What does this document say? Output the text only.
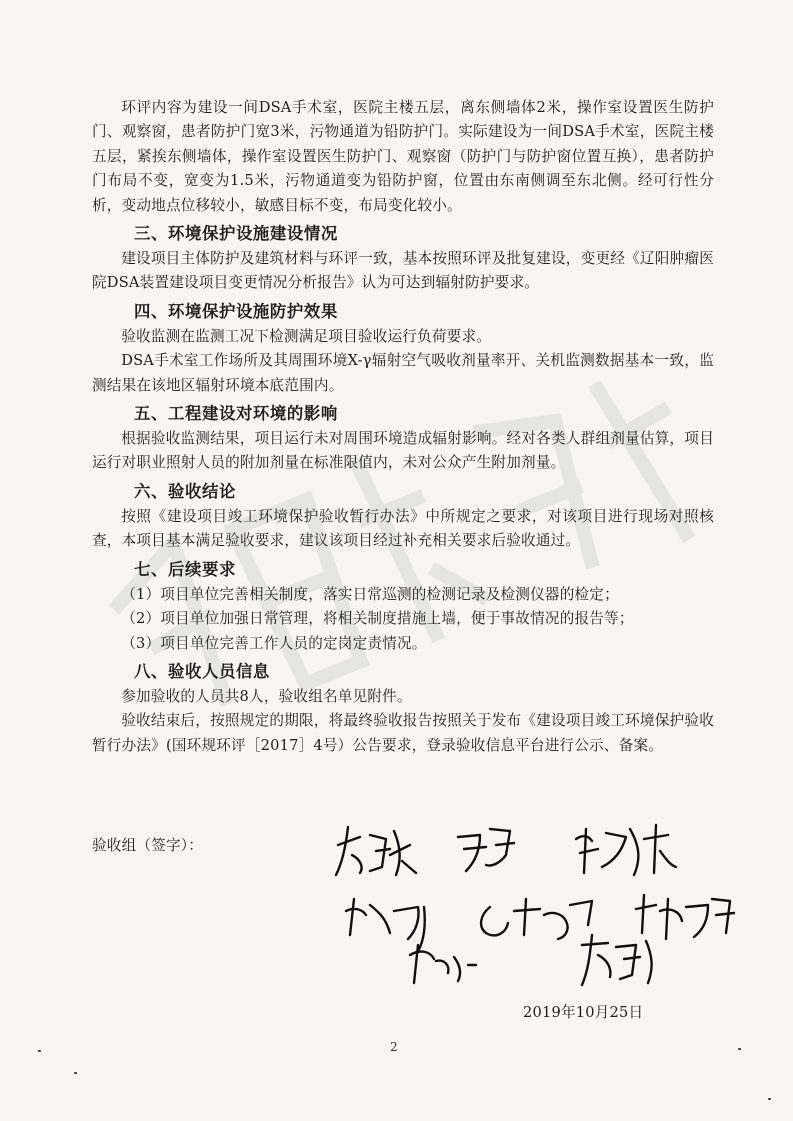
环评内容为建设一间DSA手术室，医院主楼五层，离东侧墙体2米，操作室设置医生防护门、观察窗，患者防护门宽3米，污物通道为铅防护门。实际建设为一间DSA手术室，医院主楼五层，紧挨东侧墙体，操作室设置医生防护门、观察窗（防护门与防护窗位置互换），患者防护门布局不变，宽变为1.5米，污物通道变为铅防护窗，位置由东南侧调至东北侧。经可行性分析，变动地点位移较小，敏感目标不变，布局变化较小。

三、环境保护设施建设情况

建设项目主体防护及建筑材料与环评一致，基本按照环评及批复建设，变更经《辽阳肿瘤医院DSA装置建设项目变更情况分析报告》认为可达到辐射防护要求。

四、环境保护设施防护效果

验收监测在监测工况下检测满足项目验收运行负荷要求。

DSA手术室工作场所及其周围环境X-γ辐射空气吸收剂量率开、关机监测数据基本一致，监测结果在该地区辐射环境本底范围内。

五、工程建设对环境的影响

根据验收监测结果，项目运行未对周围环境造成辐射影响。经对各类人群组剂量估算，项目运行对职业照射人员的附加剂量在标准限值内，未对公众产生附加剂量。

六、验收结论

按照《建设项目竣工环境保护验收暂行办法》中所规定之要求，对该项目进行现场对照核查，本项目基本满足验收要求，建议该项目经过补充相关要求后验收通过。

七、后续要求

（1）项目单位完善相关制度，落实日常巡测的检测记录及检测仪器的检定；

（2）项目单位加强日常管理，将相关制度措施上墙，便于事故情况的报告等；

（3）项目单位完善工作人员的定岗定责情况。

八、验收人员信息

参加验收的人员共8人，验收组名单见附件。

验收结束后，按照规定的期限，将最终验收报告按照关于发布《建设项目竣工环境保护验收暂行办法》(国环规环评［2017］4号）公告要求，登录验收信息平台进行公示、备案。

验收组（签字）：
2019年10月25日
2
